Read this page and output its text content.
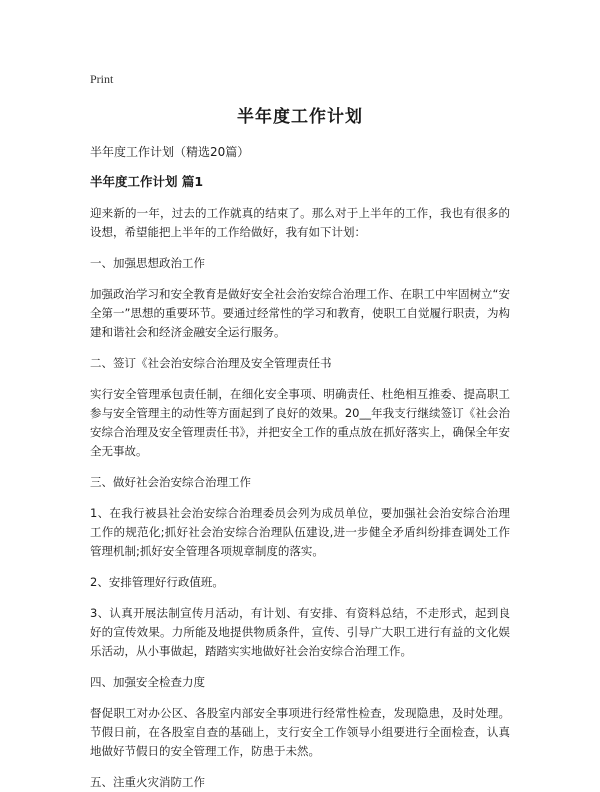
Print
半年度工作计划
半年度工作计划（精选20篇）
半年度工作计划 篇1

迎来新的一年，过去的工作就真的结束了。那么对于上半年的工作，我也有很多的设想，希望能把上半年的工作给做好，我有如下计划：

一、加强思想政治工作

加强政治学习和安全教育是做好安全社会治安综合治理工作、在职工中牢固树立“安全第一”思想的重要环节。要通过经常性的学习和教育，使职工自觉履行职责，为构建和谐社会和经济金融安全运行服务。

二、签订《社会治安综合治理及安全管理责任书

实行安全管理承包责任制，在细化安全事项、明确责任、杜绝相互推委、提高职工参与安全管理主的动性等方面起到了良好的效果。20__年我支行继续签订《社会治安综合治理及安全管理责任书》，并把安全工作的重点放在抓好落实上，确保全年安全无事故。

三、做好社会治安综合治理工作

1、在我行被县社会治安综合治理委员会列为成员单位，要加强社会治安综合治理工作的规范化;抓好社会治安综合治理队伍建设,进一步健全矛盾纠纷排查调处工作管理机制;抓好安全管理各项规章制度的落实。

2、安排管理好行政值班。

3、认真开展法制宣传月活动，有计划、有安排、有资料总结，不走形式，起到良好的宣传效果。力所能及地提供物质条件，宣传、引导广大职工进行有益的文化娱乐活动，从小事做起，踏踏实实地做好社会治安综合治理工作。

四、加强安全检查力度

督促职工对办公区、各股室内部安全事项进行经常性检查，发现隐患，及时处理。节假日前，在各股室自查的基础上，支行安全工作领导小组要进行全面检查，认真地做好节假日的安全管理工作，防患于未然。

五、注重火灾消防工作
